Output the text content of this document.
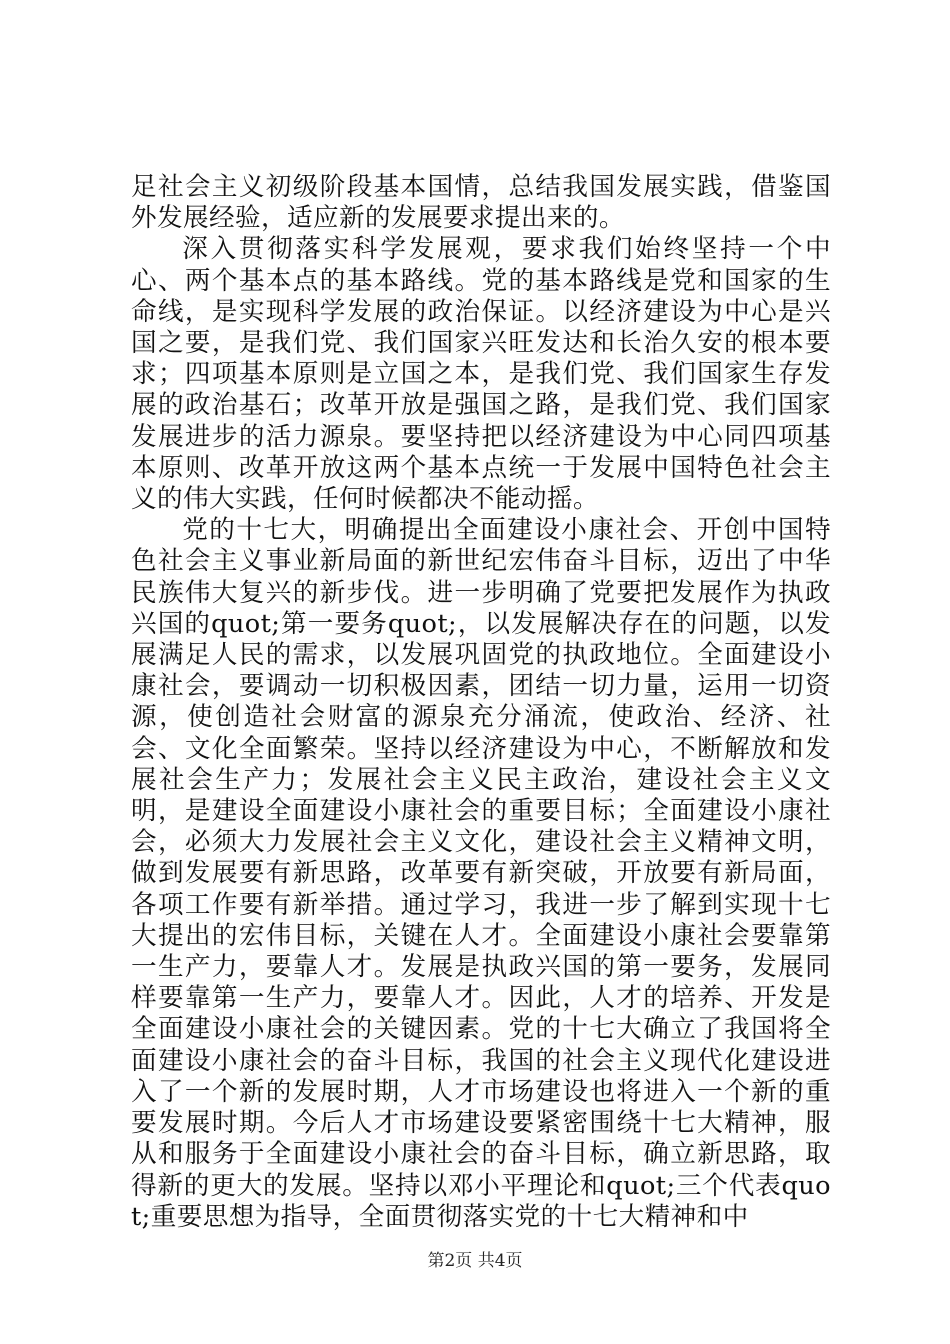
足社会主义初级阶段基本国情，总结我国发展实践，借鉴国外发展经验，适应新的发展要求提出来的。

深入贯彻落实科学发展观，要求我们始终坚持一个中心、两个基本点的基本路线。党的基本路线是党和国家的生命线，是实现科学发展的政治保证。以经济建设为中心是兴国之要，是我们党、我们国家兴旺发达和长治久安的根本要求；四项基本原则是立国之本，是我们党、我们国家生存发展的政治基石；改革开放是强国之路，是我们党、我们国家发展进步的活力源泉。要坚持把以经济建设为中心同四项基本原则、改革开放这两个基本点统一于发展中国特色社会主义的伟大实践，任何时候都决不能动摇。

党的十七大，明确提出全面建设小康社会、开创中国特色社会主义事业新局面的新世纪宏伟奋斗目标，迈出了中华民族伟大复兴的新步伐。进一步明确了党要把发展作为执政兴国的quot;第一要务quot;，以发展解决存在的问题，以发展满足人民的需求，以发展巩固党的执政地位。全面建设小康社会，要调动一切积极因素，团结一切力量，运用一切资源，使创造社会财富的源泉充分涌流，使政治、经济、社会、文化全面繁荣。坚持以经济建设为中心，不断解放和发展社会生产力；发展社会主义民主政治，建设社会主义文明，是建设全面建设小康社会的重要目标；全面建设小康社会，必须大力发展社会主义文化，建设社会主义精神文明，做到发展要有新思路，改革要有新突破，开放要有新局面，各项工作要有新举措。通过学习，我进一步了解到实现十七大提出的宏伟目标，关键在人才。全面建设小康社会要靠第一生产力，要靠人才。发展是执政兴国的第一要务，发展同样要靠第一生产力，要靠人才。因此，人才的培养、开发是全面建设小康社会的关键因素。党的十七大确立了我国将全面建设小康社会的奋斗目标，我国的社会主义现代化建设进入了一个新的发展时期，人才市场建设也将进入一个新的重要发展时期。今后人才市场建设要紧密围绕十七大精神，服从和服务于全面建设小康社会的奋斗目标，确立新思路，取得新的更大的发展。坚持以邓小平理论和quot;三个代表quot;重要思想为指导，全面贯彻落实党的十七大精神和中

第2页 共4页
